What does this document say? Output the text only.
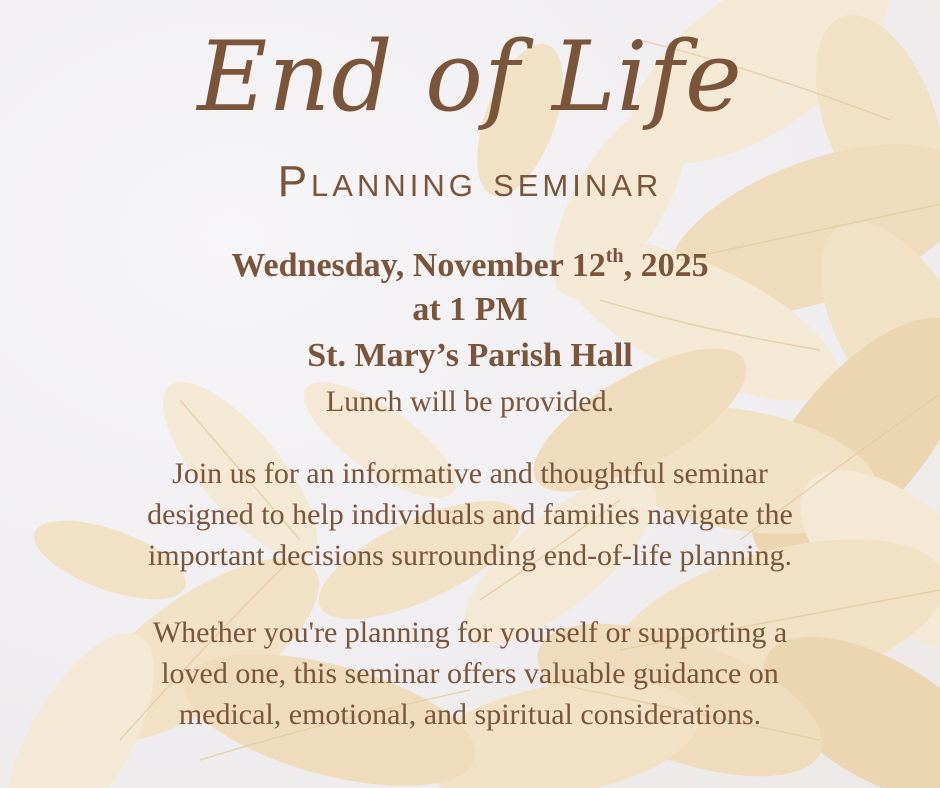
End of Life
Planning seminar
Wednesday, November 12th, 2025
at 1 PM
St. Mary’s Parish Hall
Lunch will be provided.
Join us for an informative and thoughtful seminar
designed to help individuals and families navigate the
important decisions surrounding end-of-life planning.
Whether you're planning for yourself or supporting a
loved one, this seminar offers valuable guidance on
medical, emotional, and spiritual considerations.
